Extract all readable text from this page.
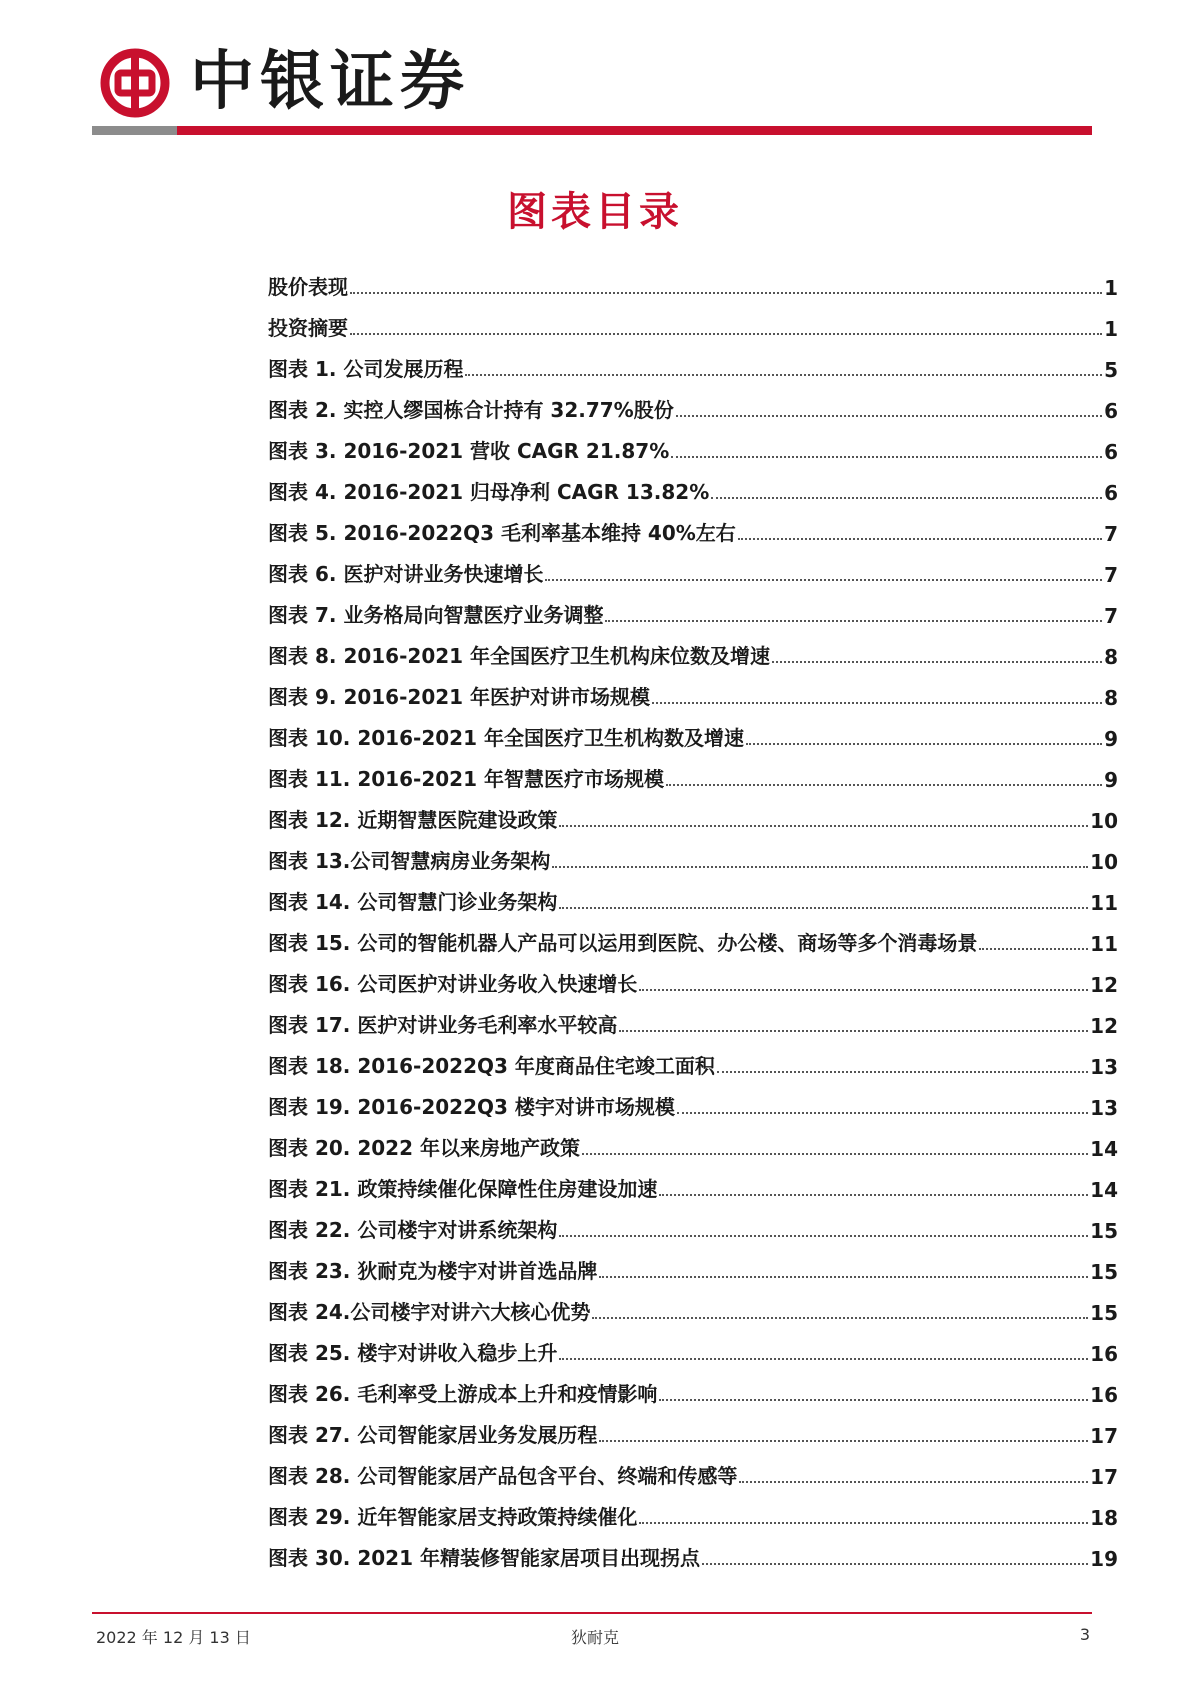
中银证券
图表目录
股价表现	1
投资摘要	1
图表 1. 公司发展历程	5
图表 2. 实控人缪国栋合计持有 32.77%股份	6
图表 3. 2016-2021 营收 CAGR 21.87%	6
图表 4. 2016-2021 归母净利 CAGR 13.82%	6
图表 5. 2016-2022Q3 毛利率基本维持 40%左右	7
图表 6. 医护对讲业务快速增长	7
图表 7. 业务格局向智慧医疗业务调整	7
图表 8. 2016-2021 年全国医疗卫生机构床位数及增速	8
图表 9. 2016-2021 年医护对讲市场规模	8
图表 10. 2016-2021 年全国医疗卫生机构数及增速	9
图表 11. 2016-2021 年智慧医疗市场规模	9
图表 12. 近期智慧医院建设政策	10
图表 13.公司智慧病房业务架构	10
图表 14. 公司智慧门诊业务架构	11
图表 15. 公司的智能机器人产品可以运用到医院、办公楼、商场等多个消毒场景	11
图表 16. 公司医护对讲业务收入快速增长	12
图表 17. 医护对讲业务毛利率水平较高	12
图表 18. 2016-2022Q3 年度商品住宅竣工面积	13
图表 19. 2016-2022Q3 楼宇对讲市场规模	13
图表 20. 2022 年以来房地产政策	14
图表 21. 政策持续催化保障性住房建设加速	14
图表 22. 公司楼宇对讲系统架构	15
图表 23. 狄耐克为楼宇对讲首选品牌	15
图表 24.公司楼宇对讲六大核心优势	15
图表 25. 楼宇对讲收入稳步上升	16
图表 26. 毛利率受上游成本上升和疫情影响	16
图表 27. 公司智能家居业务发展历程	17
图表 28. 公司智能家居产品包含平台、终端和传感等	17
图表 29. 近年智能家居支持政策持续催化	18
图表 30. 2021 年精装修智能家居项目出现拐点	19
2022 年 12 月 13 日	狄耐克	3
